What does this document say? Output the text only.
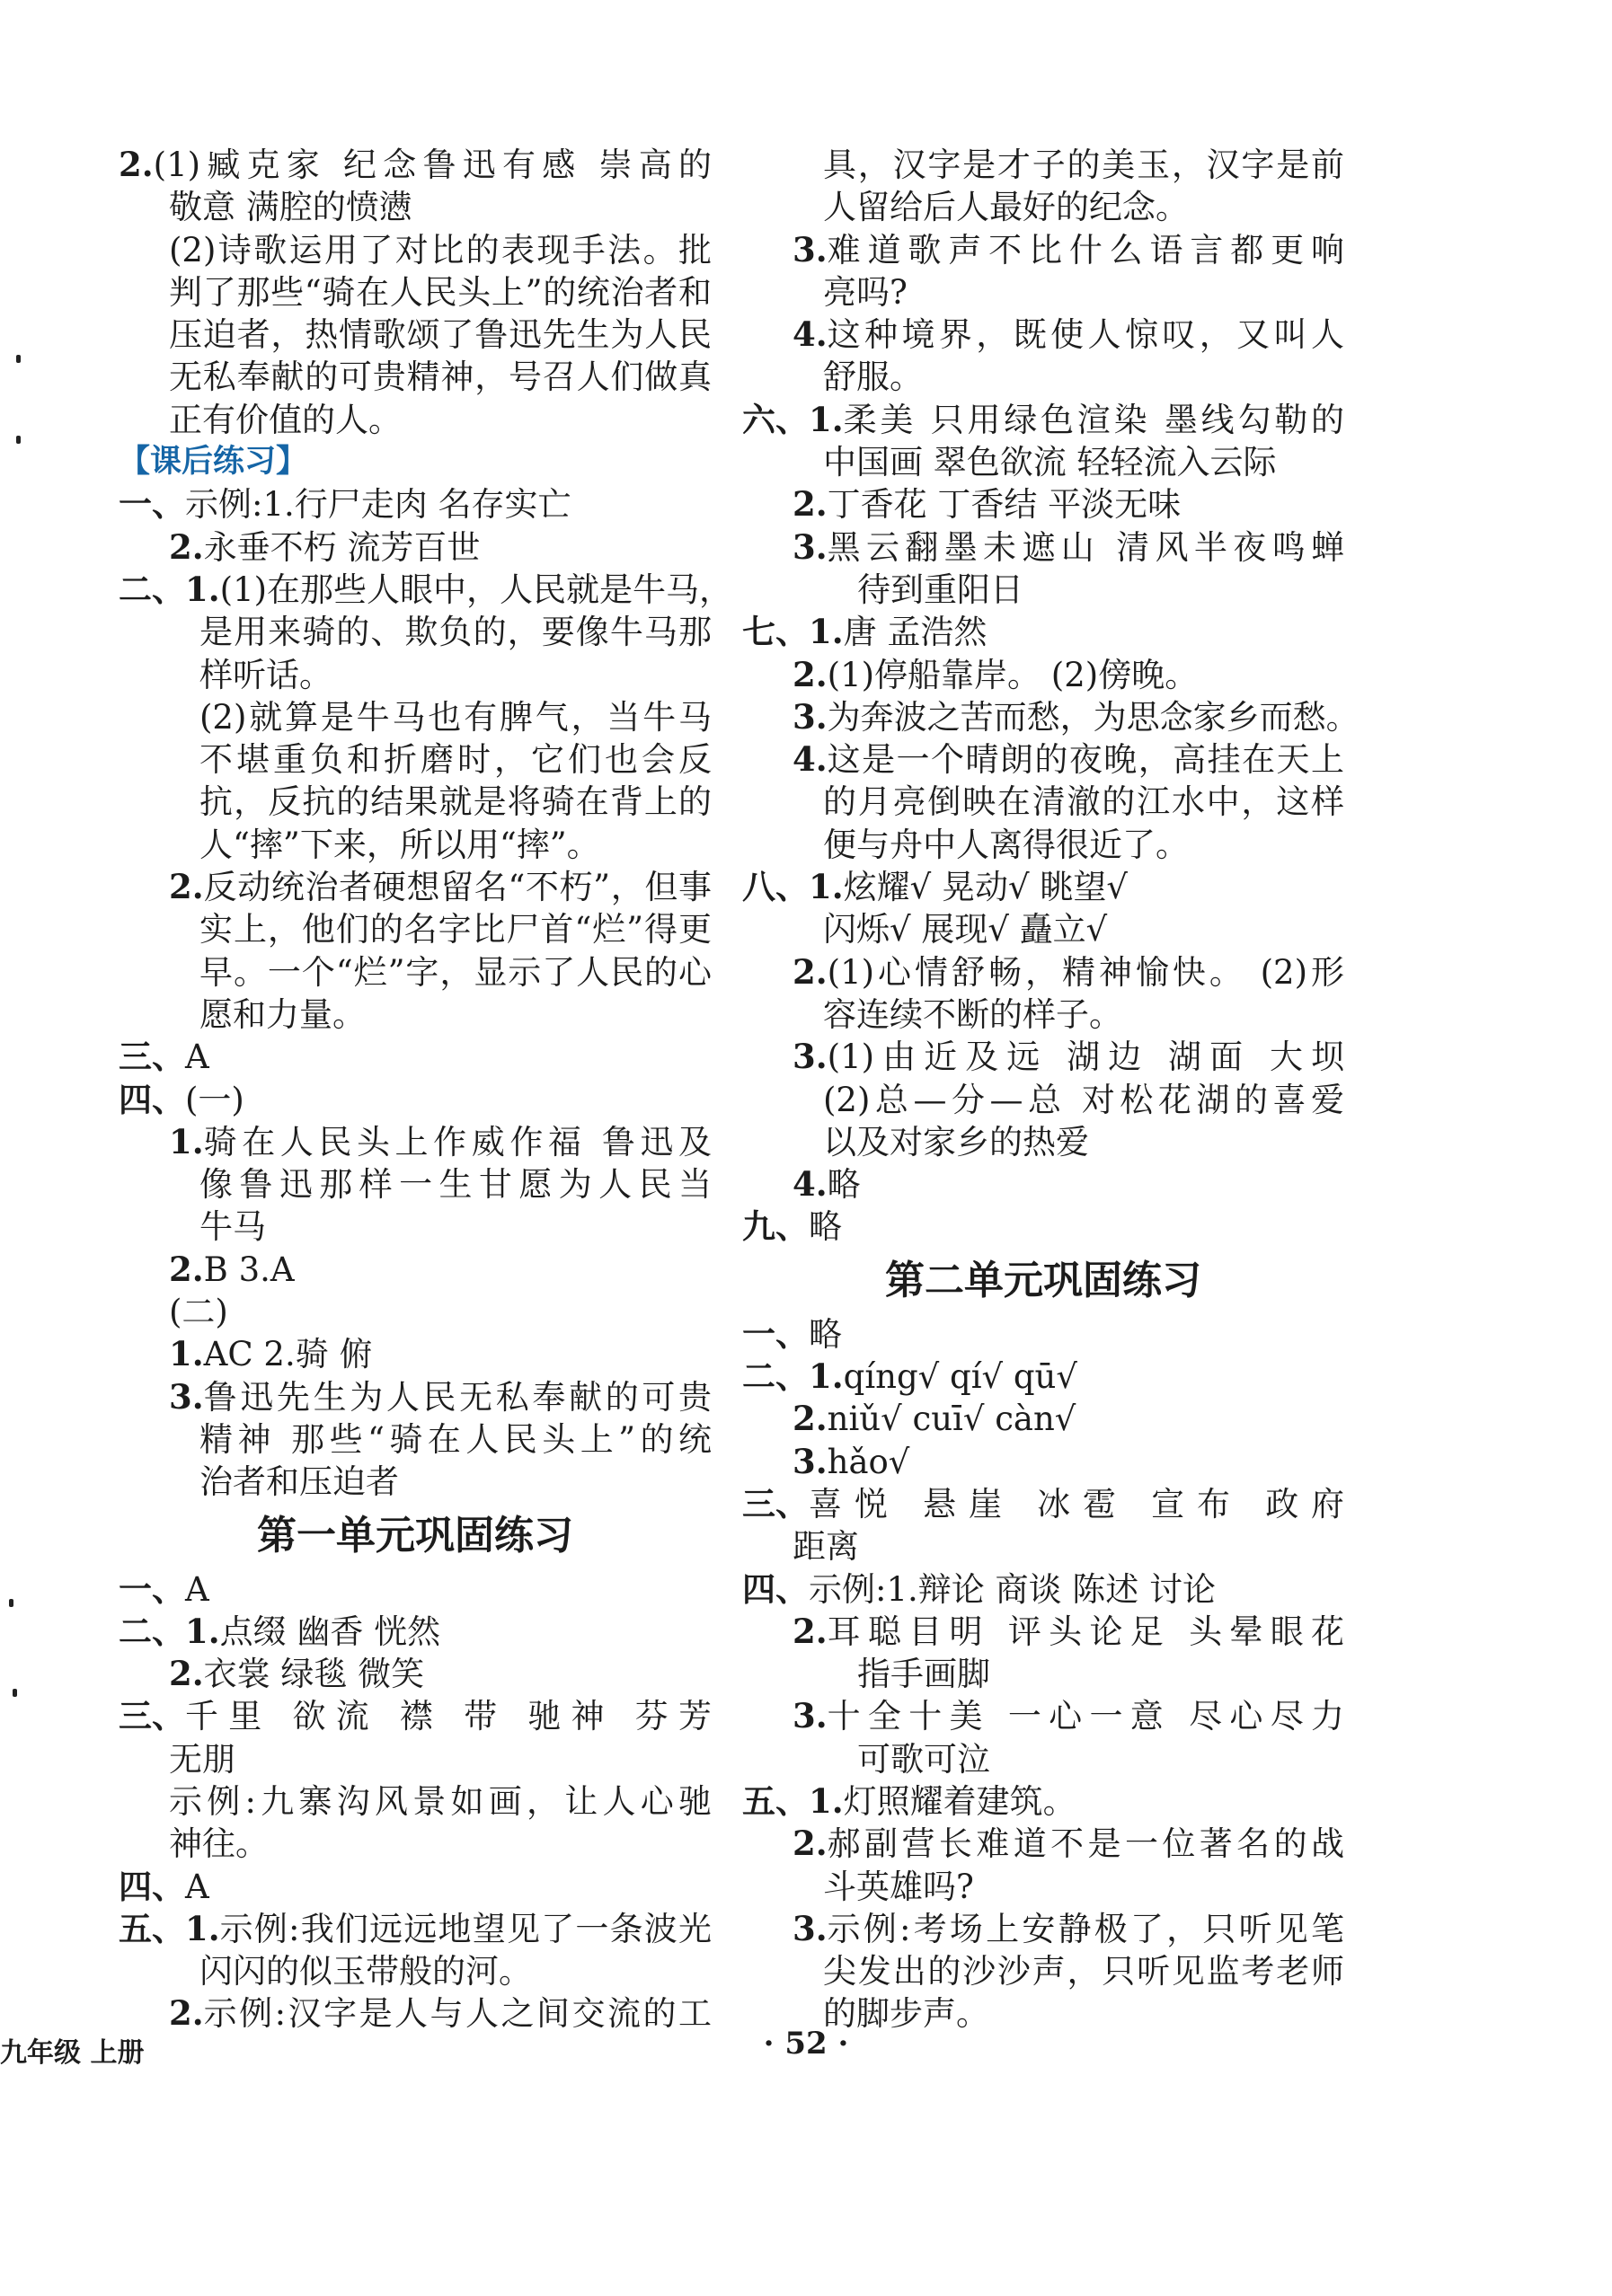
2. (1)臧克家 纪念鲁迅有感 崇高的
敬意 满腔的愤懑
(2)诗歌运用了对比的表现手法。批
判了那些“骑在人民头上”的统治者和
压迫者，热情歌颂了鲁迅先生为人民
无私奉献的可贵精神，号召人们做真
正有价值的人。
【课后练习】
一、 示例:1.行尸走肉 名存实亡
2. 永垂不朽 流芳百世
二、1. (1)在那些人眼中，人民就是牛马，
是用来骑的、欺负的，要像牛马那
样听话。
(2)就算是牛马也有脾气，当牛马
不堪重负和折磨时，它们也会反
抗，反抗的结果就是将骑在背上的
人“摔”下来，所以用“摔”。
2. 反动统治者硬想留名“不朽”，但事
实上，他们的名字比尸首“烂”得更
早。一个“烂”字，显示了人民的心
愿和力量。
三、 A
四、 (一)
1. 骑在人民头上作威作福 鲁迅及
像鲁迅那样一生甘愿为人民当
牛马
2. B 3.A
(二)
1. AC 2.骑 俯
3. 鲁迅先生为人民无私奉献的可贵
精神 那些“骑在人民头上”的统
治者和压迫者
第一单元巩固练习
一、 A
二、1. 点缀 幽香 恍然
2. 衣裳 绿毯 微笑
三、 千里 欲流 襟 带 驰神 芬芳
无朋
示例:九寨沟风景如画，让人心驰
神往。
四、 A
五、1. 示例:我们远远地望见了一条波光
闪闪的似玉带般的河。
2. 示例:汉字是人与人之间交流的工
具，汉字是才子的美玉，汉字是前
人留给后人最好的纪念。
3. 难道歌声不比什么语言都更响
亮吗?
4. 这种境界，既使人惊叹，又叫人
舒服。
六、1. 柔美 只用绿色渲染 墨线勾勒的
中国画 翠色欲流 轻轻流入云际
2. 丁香花 丁香结 平淡无味
3. 黑云翻墨未遮山 清风半夜鸣蝉
待到重阳日
七、1. 唐 孟浩然
2. (1)停船靠岸。 (2)傍晚。
3. 为奔波之苦而愁，为思念家乡而愁。
4. 这是一个晴朗的夜晚，高挂在天上
的月亮倒映在清澈的江水中，这样
便与舟中人离得很近了。
八、1. 炫耀√ 晃动√ 眺望√
闪烁√ 展现√ 矗立√
2. (1)心情舒畅，精神愉快。 (2)形
容连续不断的样子。
3. (1)由近及远 湖边 湖面 大坝
(2)总—分—总 对松花湖的喜爱
以及对家乡的热爱
4. 略
九、 略
第二单元巩固练习
一、 略
二、1. qíng√ qí√ qū√
2. niǔ√ cuī√ càn√
3. hǎo√
三、 喜悦 悬崖 冰雹 宣布 政府
距离
四、 示例:1.辩论 商谈 陈述 讨论
2. 耳聪目明 评头论足 头晕眼花
指手画脚
3. 十全十美 一心一意 尽心尽力
可歌可泣
五、1. 灯照耀着建筑。
2. 郝副营长难道不是一位著名的战
斗英雄吗?
3. 示例:考场上安静极了，只听见笔
尖发出的沙沙声，只听见监考老师
的脚步声。
九年级 上册	· 52 ·
